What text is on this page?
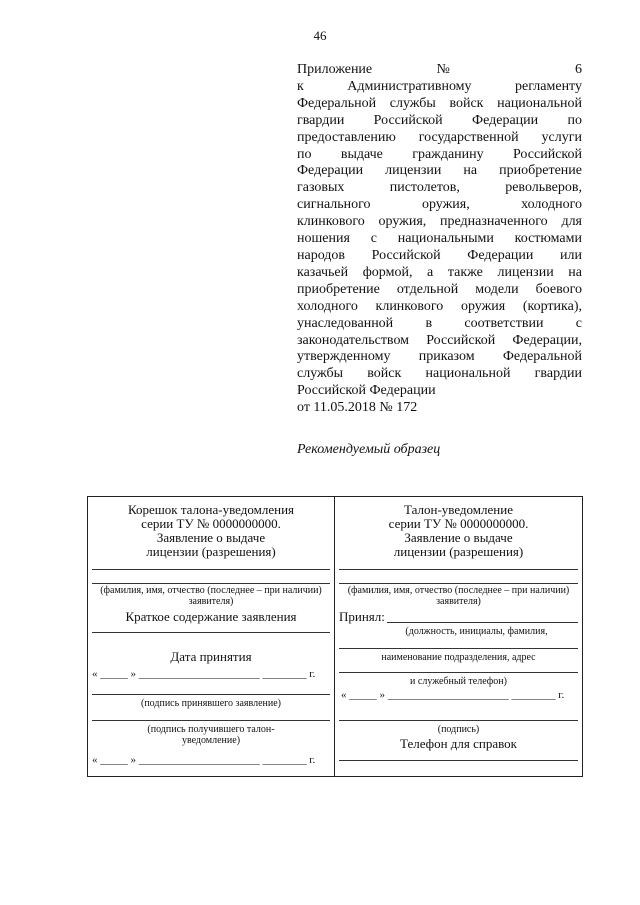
46
Приложение № 6
к Административному регламенту
Федеральной службы войск национальной
гвардии Российской Федерации по
предоставлению государственной услуги
по выдаче гражданину Российской
Федерации лицензии на приобретение
газовых пистолетов, револьверов,
сигнального оружия, холодного
клинкового оружия, предназначенного для
ношения с национальными костюмами
народов Российской Федерации или
казачьей формой, а также лицензии на
приобретение отдельной модели боевого
холодного клинкового оружия (кортика),
унаследованной в соответствии с
законодательством Российской Федерации,
утвержденному приказом Федеральной
службы войск национальной гвардии
Российской Федерации
от 11.05.2018 № 172
Рекомендуемый образец
Корешок талона-уведомления
серии ТУ № 0000000000.
Заявление о выдаче
лицензии (разрешения)
(фамилия, имя, отчество (последнее – при наличии) заявителя)
Краткое содержание заявления
Дата принятия
« _____ » ______________________ ________ г.
(подпись принявшего заявление)
(подпись получившего талон-уведомление)
« _____ » ______________________ ________ г.
Талон-уведомление
серии ТУ № 0000000000.
Заявление о выдаче
лицензии (разрешения)
(фамилия, имя, отчество (последнее – при наличии) заявителя)
Принял:
(должность, инициалы, фамилия,
наименование подразделения, адрес
и служебный телефон)
« _____ » ______________________ ________ г.
(подпись)
Телефон для справок
